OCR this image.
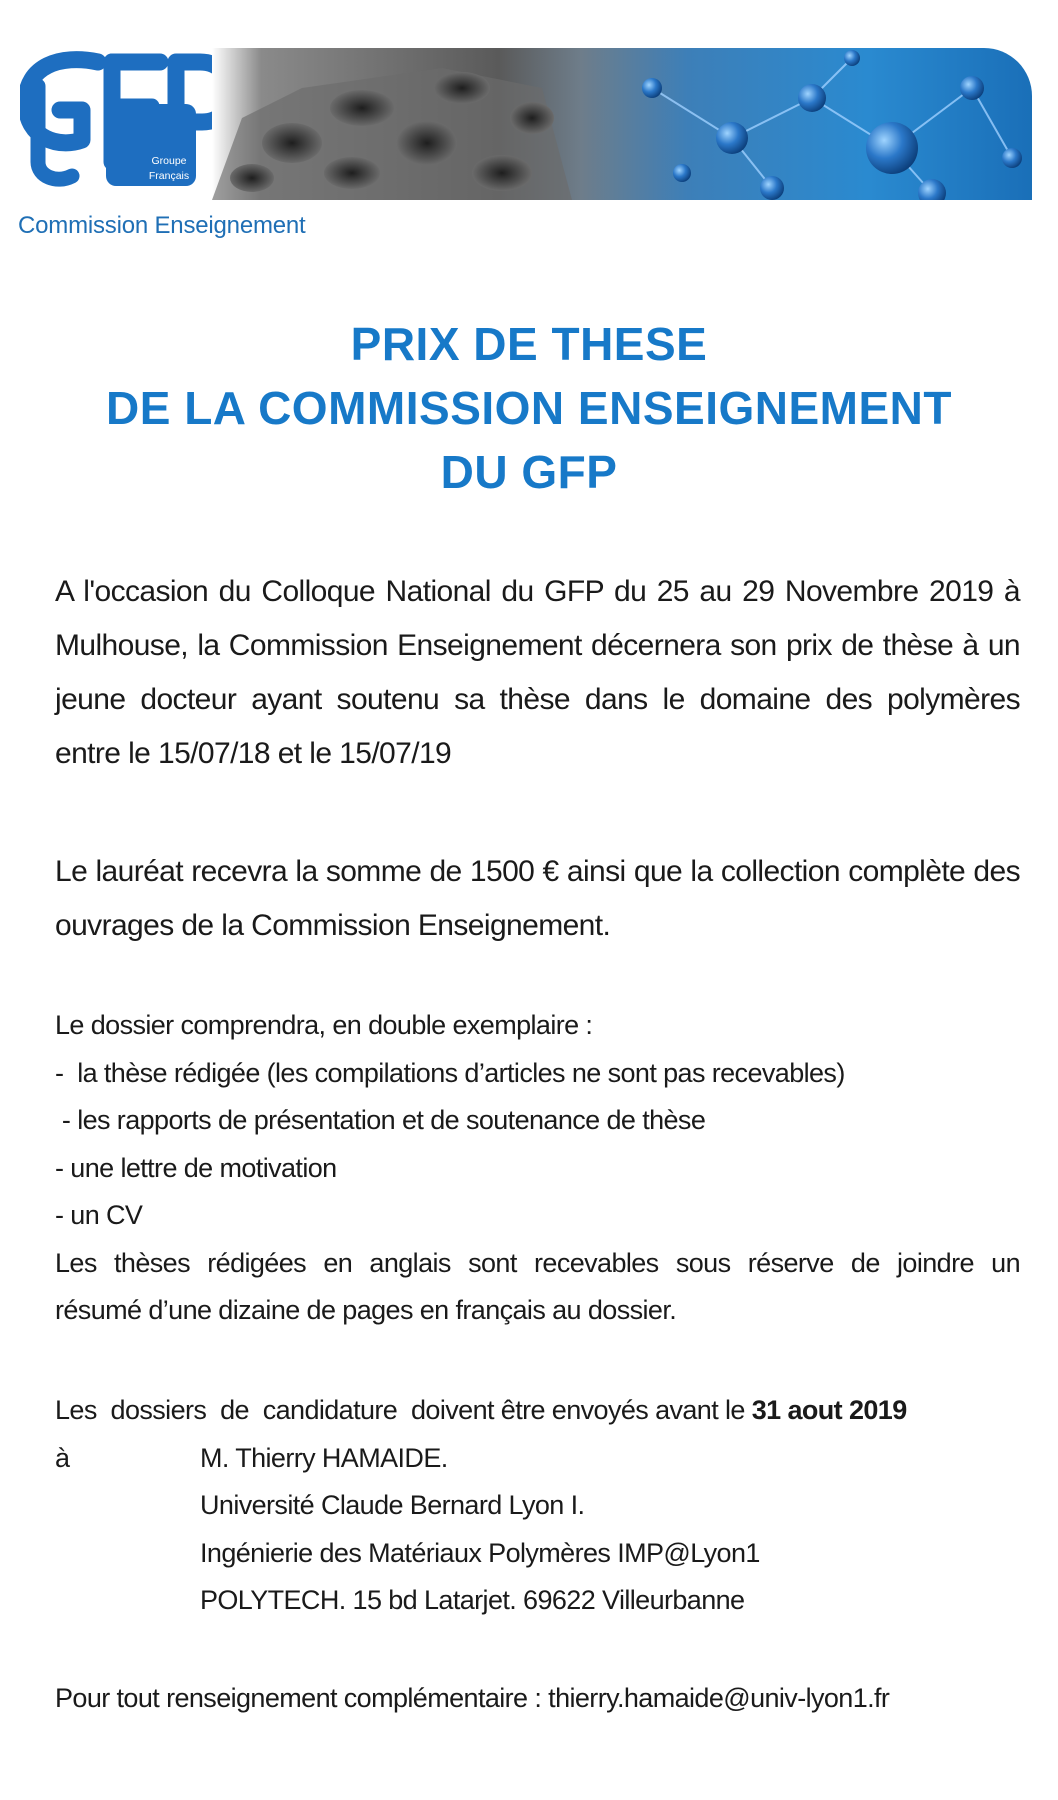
Groupe
Français
des
Polymères
Commission Enseignement
PRIX DE THESE
DE LA COMMISSION ENSEIGNEMENT
DU GFP

A l'occasion du Colloque National du GFP du 25 au 29 Novembre 2019 à Mulhouse, la Commission Enseignement décernera son prix de thèse à un jeune docteur ayant soutenu sa thèse dans le domaine des polymères entre le 15/07/18 et le 15/07/19

Le lauréat recevra la somme de 1500 € ainsi que la collection complète des ouvrages de la Commission Enseignement.

Le dossier comprendra, en double exemplaire :
-  la thèse rédigée (les compilations d’articles ne sont pas recevables)
- les rapports de présentation et de soutenance de thèse
- une lettre de motivation
- un CV
Les thèses rédigées en anglais sont recevables sous réserve de joindre un
résumé d’une dizaine de pages en français au dossier.
Les  dossiers  de  candidature  doivent être envoyés avant le 31 aout 2019
à	M. Thierry HAMAIDE.
Université Claude Bernard Lyon I.
Ingénierie des Matériaux Polymères IMP@Lyon1
POLYTECH. 15 bd Latarjet. 69622 Villeurbanne
Pour tout renseignement complémentaire : thierry.hamaide@univ-lyon1.fr
